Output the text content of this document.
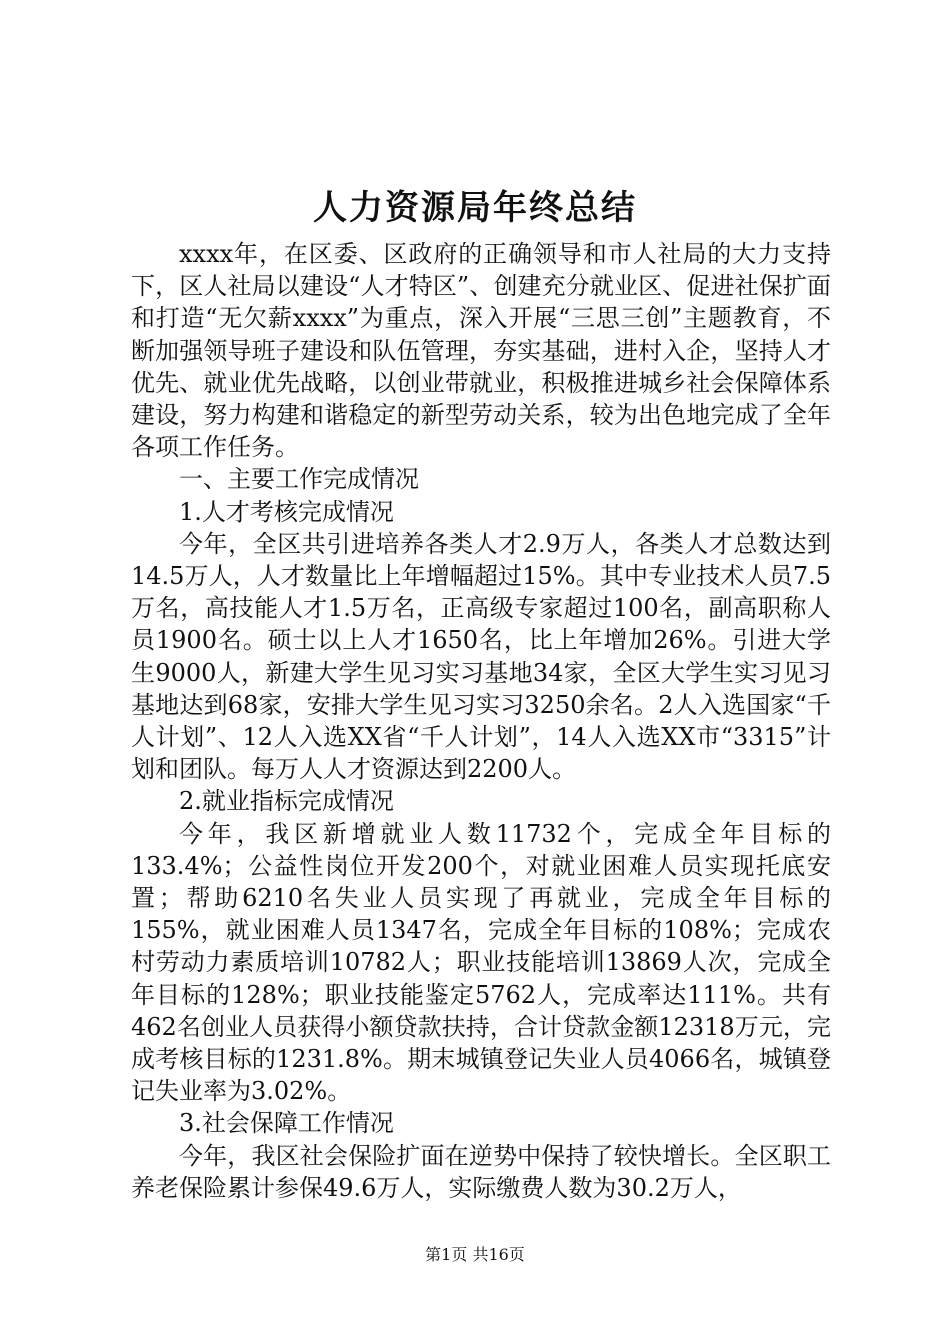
人力资源局年终总结

xxxx年，在区委、区政府的正确领导和市人社局的大力支持下，区人社局以建设“人才特区”、创建充分就业区、促进社保扩面和打造“无欠薪xxxx”为重点，深入开展“三思三创”主题教育，不断加强领导班子建设和队伍管理，夯实基础，进村入企，坚持人才优先、就业优先战略，以创业带就业，积极推进城乡社会保障体系建设，努力构建和谐稳定的新型劳动关系，较为出色地完成了全年各项工作任务。

一、主要工作完成情况

1.人才考核完成情况

今年，全区共引进培养各类人才2.9万人，各类人才总数达到14.5万人，人才数量比上年增幅超过15%。其中专业技术人员7.5万名，高技能人才1.5万名，正高级专家超过100名，副高职称人员1900名。硕士以上人才1650名，比上年增加26%。引进大学生9000人，新建大学生见习实习基地34家，全区大学生实习见习基地达到68家，安排大学生见习实习3250余名。2人入选国家“千人计划”、12人入选XX省“千人计划”，14人入选XX市“3315”计划和团队。每万人人才资源达到2200人。

2.就业指标完成情况

今年，我区新增就业人数11732个，完成全年目标的133.4%；公益性岗位开发200个，对就业困难人员实现托底安置；帮助6210名失业人员实现了再就业，完成全年目标的155%，就业困难人员1347名，完成全年目标的108%；完成农村劳动力素质培训10782人；职业技能培训13869人次，完成全年目标的128%；职业技能鉴定5762人，完成率达111%。共有462名创业人员获得小额贷款扶持，合计贷款金额12318万元，完成考核目标的1231.8%。期末城镇登记失业人员4066名，城镇登记失业率为3.02%。

3.社会保障工作情况

今年，我区社会保险扩面在逆势中保持了较快增长。全区职工养老保险累计参保49.6万人，实际缴费人数为30.2万人，

第1页 共16页
